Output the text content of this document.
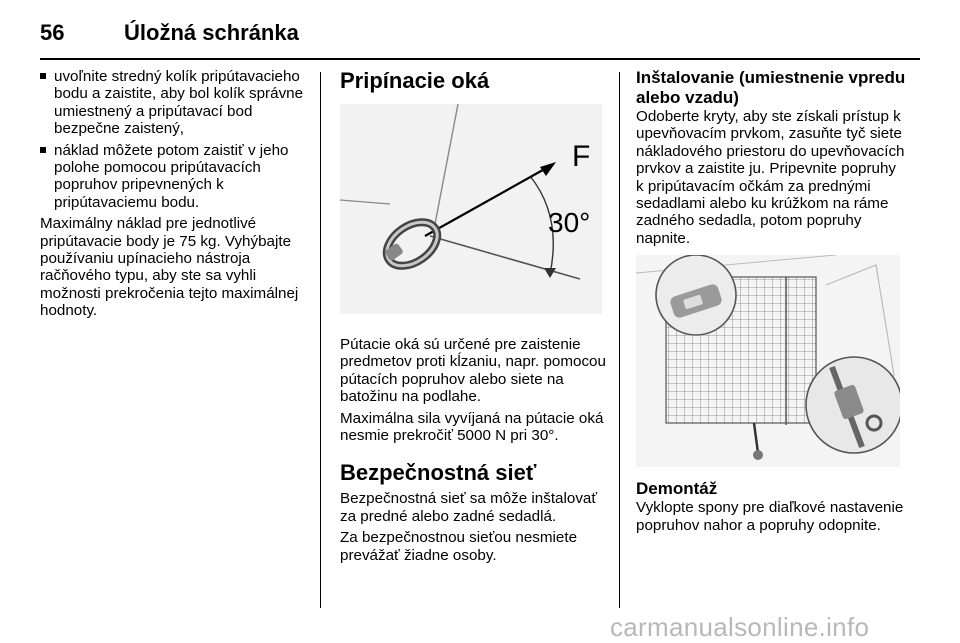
56	Úložná schránka
uvoľnite stredný kolík pripútavacieho bodu a zaistite, aby bol kolík správne umiestnený a pripútavací bod bezpečne zaistený,
náklad môžete potom zaistiť v jeho polohe pomocou pripútavacích popruhov pripevnených k pripútavaciemu bodu.

Maximálny náklad pre jednotlivé pripútavacie body je 75 kg. Vyhýbajte používaniu upínacieho nástroja račňového typu, aby ste sa vyhli možnosti prekročenia tejto maximálnej hodnoty.

Pripínacie oká
F
30°

Pútacie oká sú určené pre zaistenie predmetov proti kĺzaniu, napr. pomocou pútacích popruhov alebo siete na batožinu na podlahe.

Maximálna sila vyvíjaná na pútacie oká nesmie prekročiť 5000 N pri 30°.

Bezpečnostná sieť

Bezpečnostná sieť sa môže inštalovať za predné alebo zadné sedadlá.

Za bezpečnostnou sieťou nesmiete prevážať žiadne osoby.

Inštalovanie (umiestnenie vpredu alebo vzadu)

Odoberte kryty, aby ste získali prístup k upevňovacím prvkom, zasuňte tyč siete nákladového priestoru do upevňovacích prvkov a zaistite ju. Pripevnite popruhy k pripútavacím očkám za prednými sedadlami alebo ku krúžkom na ráme zadného sedadla, potom popruhy napnite.

Demontáž

Vyklopte spony pre diaľkové nastavenie popruhov nahor a popruhy odopnite.

carmanualsonline.info
